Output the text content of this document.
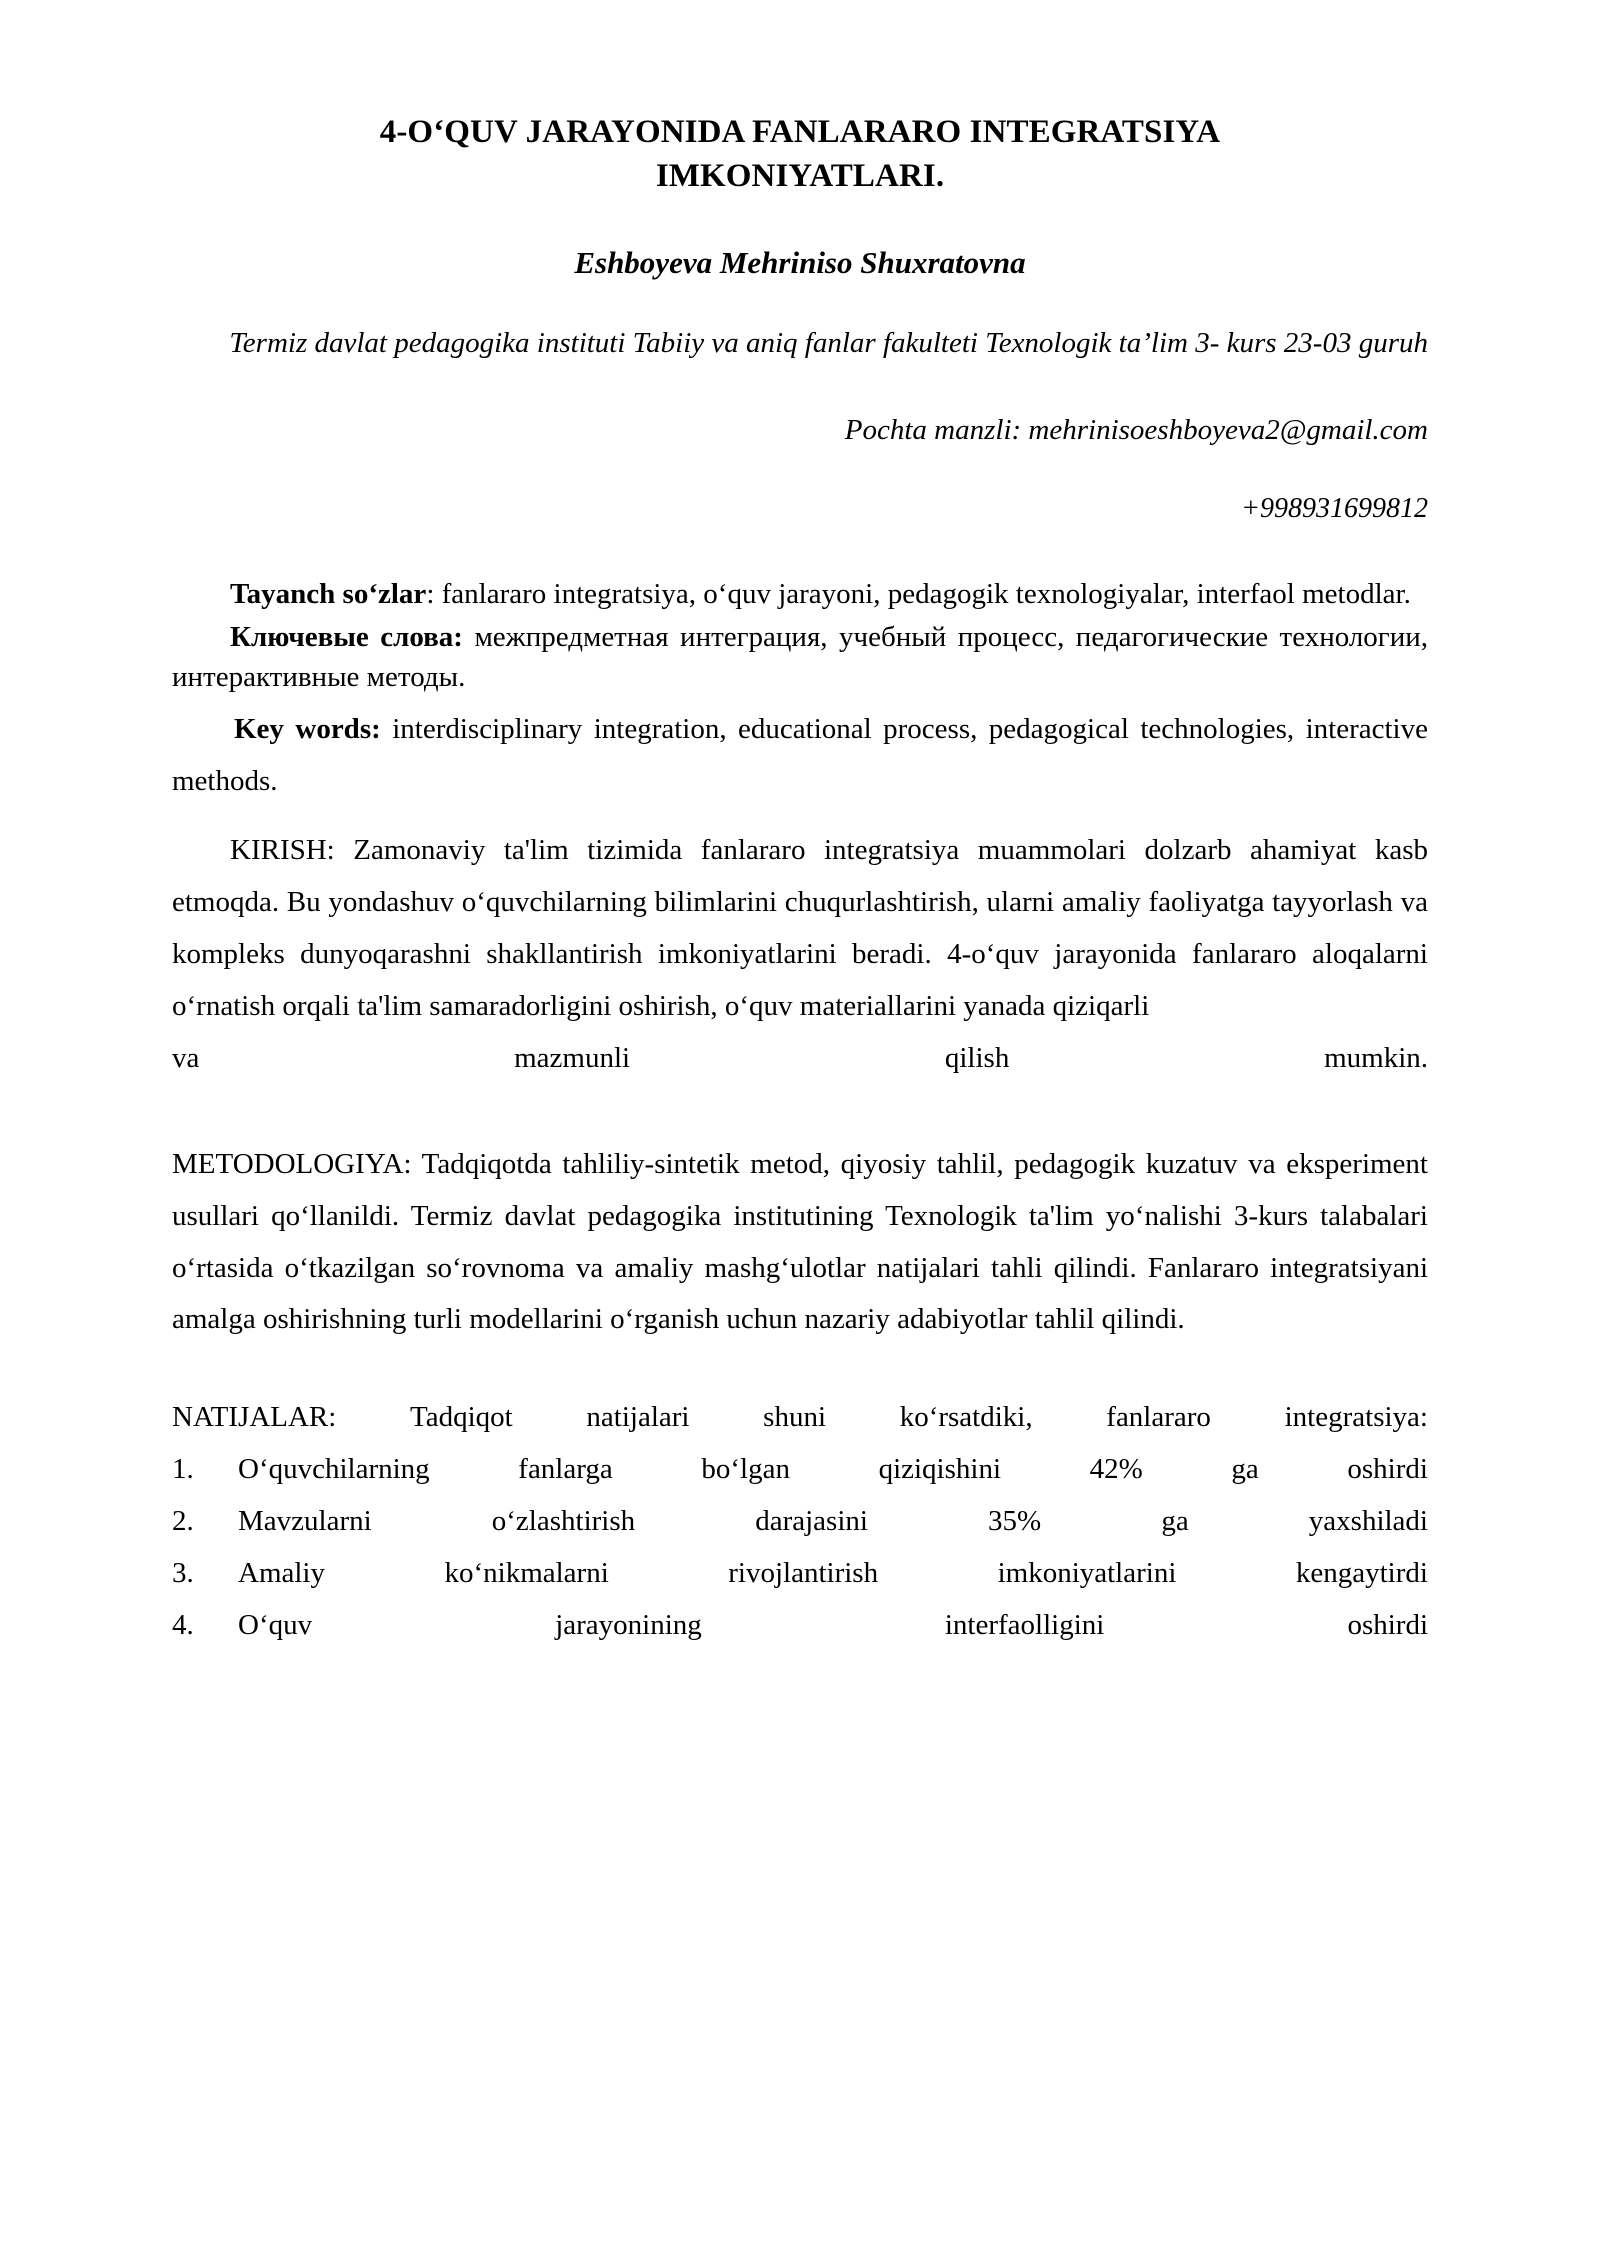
4-O‘QUV JARAYONIDA FANLARARO INTEGRATSIYA IMKONIYATLARI.
Eshboyeva Mehriniso Shuxratovna
Termiz davlat pedagogika instituti Tabiiy va aniq fanlar fakulteti Texnologik ta’lim 3- kurs 23-03 guruh
Pochta manzli: mehrinisoeshboyeva2@gmail.com
+998931699812

Tayanch so‘zlar: fanlararo integratsiya, o‘quv jarayoni, pedagogik texnologiyalar, interfaol metodlar.

Ключевые слова: межпредметная интеграция, учебный процесс, педагогические технологии, интерактивные методы.

Key words: interdisciplinary integration, educational process, pedagogical technologies, interactive methods.

KIRISH: Zamonaviy ta'lim tizimida fanlararo integratsiya muammolari dolzarb ahamiyat kasb etmoqda. Bu yondashuv o‘quvchilarning bilimlarini chuqurlashtirish, ularni amaliy faoliyatga tayyorlash va kompleks dunyoqarashni shakllantirish imkoniyatlarini beradi. 4-o‘quv jarayonida fanlararo aloqalarni o‘rnatish orqali ta'lim samaradorligini oshirish, o‘quv materiallarini yanada qiziqarli

va	mazmunli	qilish	mumkin.

METODOLOGIYA: Tadqiqotda tahliliy-sintetik metod, qiyosiy tahlil, pedagogik kuzatuv va eksperiment usullari qo‘llanildi. Termiz davlat pedagogika institutining Texnologik ta'lim yo‘nalishi 3-kurs talabalari o‘rtasida o‘tkazilgan so‘rovnoma va amaliy mashg‘ulotlar natijalari tahli qilindi. Fanlararo integratsiyani amalga oshirishning turli modellarini o‘rganish uchun nazariy adabiyotlar tahlil qilindi.

NATIJALAR:	Tadqiqot	natijalari	shuni	ko‘rsatdiki,	fanlararo	integratsiya:

1.	O‘quvchilarning	fanlarga	bo‘lgan	qiziqishini	42%	ga	oshirdi
2.	Mavzularni	o‘zlashtirish	darajasini	35%	ga	yaxshiladi
3.	Amaliy	ko‘nikmalarni	rivojlantirish	imkoniyatlarini	kengaytirdi
4.	O‘quv	jarayonining	interfaolligini	oshirdi
